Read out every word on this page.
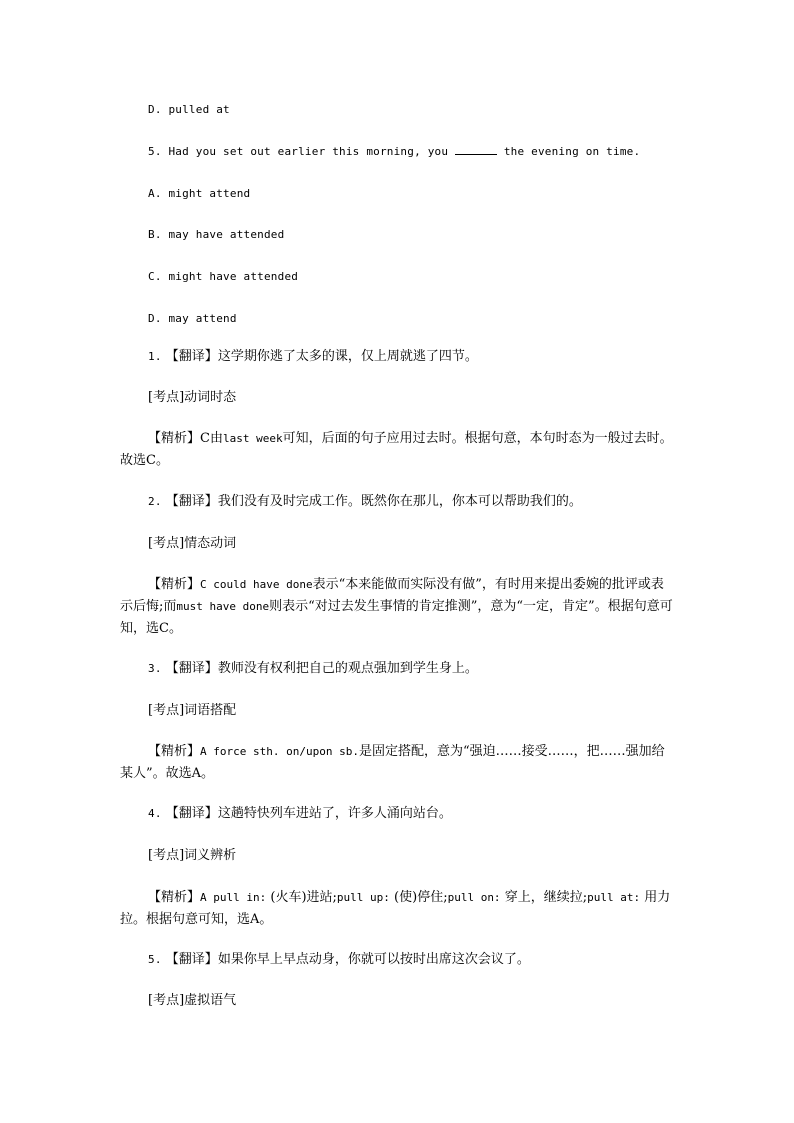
D. pulled at
5. Had you set out earlier this morning, you	the evening on time.
A. might attend
B. may have attended
C. might have attended
D. may attend
1. 【翻译】这学期你逃了太多的课，仅上周就逃了四节。
[考点]动词时态
【精析】C由last week可知，后面的句子应用过去时。根据句意，本句时态为一般过去时。故选C。
2. 【翻译】我们没有及时完成工作。既然你在那儿，你本可以帮助我们的。
[考点]情态动词
【精析】C could have done表示“本来能做而实际没有做”，有时用来提出委婉的批评或表示后悔;而must have done则表示“对过去发生事情的肯定推测”，意为“一定，肯定”。根据句意可知，选C。
3. 【翻译】教师没有权利把自己的观点强加到学生身上。
[考点]词语搭配
【精析】A force sth. on/upon sb.是固定搭配，意为“强迫……接受……，把……强加给某人”。故选A。
4. 【翻译】这趟特快列车进站了，许多人涌向站台。
[考点]词义辨析
【精析】A pull in: (火车)进站;pull up: (使)停住;pull on: 穿上，继续拉;pull at: 用力拉。根据句意可知，选A。
5. 【翻译】如果你早上早点动身，你就可以按时出席这次会议了。
[考点]虚拟语气
